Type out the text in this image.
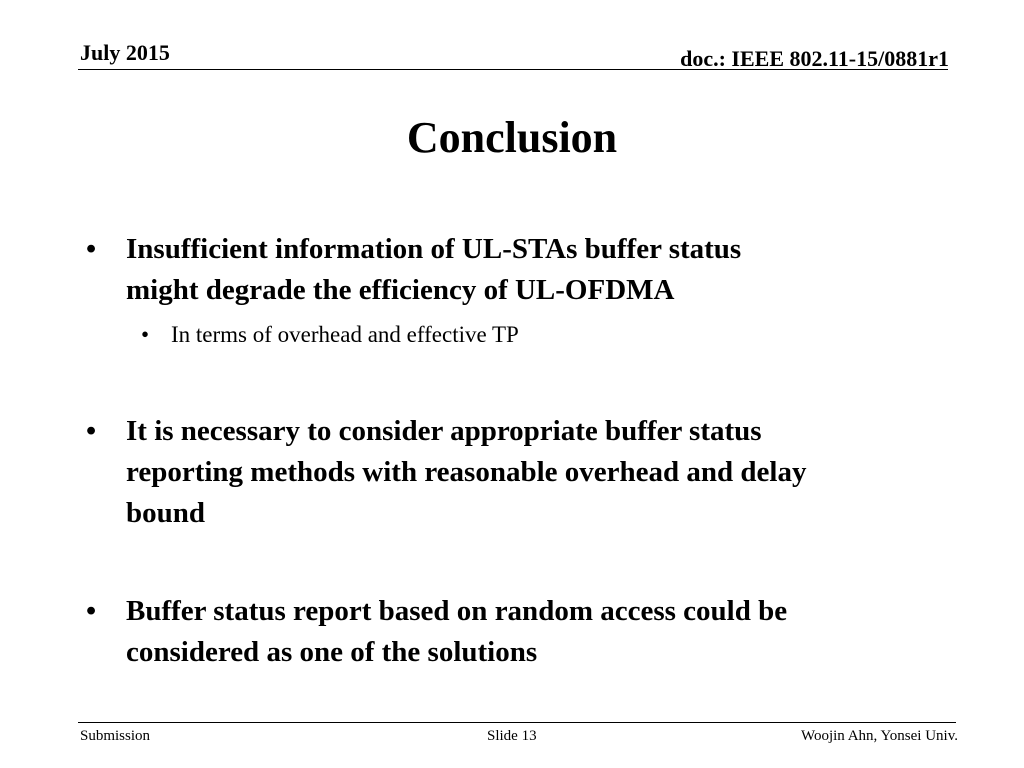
July 2015	doc.: IEEE 802.11-15/0881r1
Conclusion
•	Insufficient information of UL-STAs buffer status
might degrade the efficiency of UL-OFDMA
• In terms of overhead and effective TP
•	It is necessary to consider appropriate buffer status
reporting methods with reasonable overhead and delay
bound
•	Buffer status report based on random access could be
considered as one of the solutions
Submission	Slide 13	Woojin Ahn, Yonsei Univ.
